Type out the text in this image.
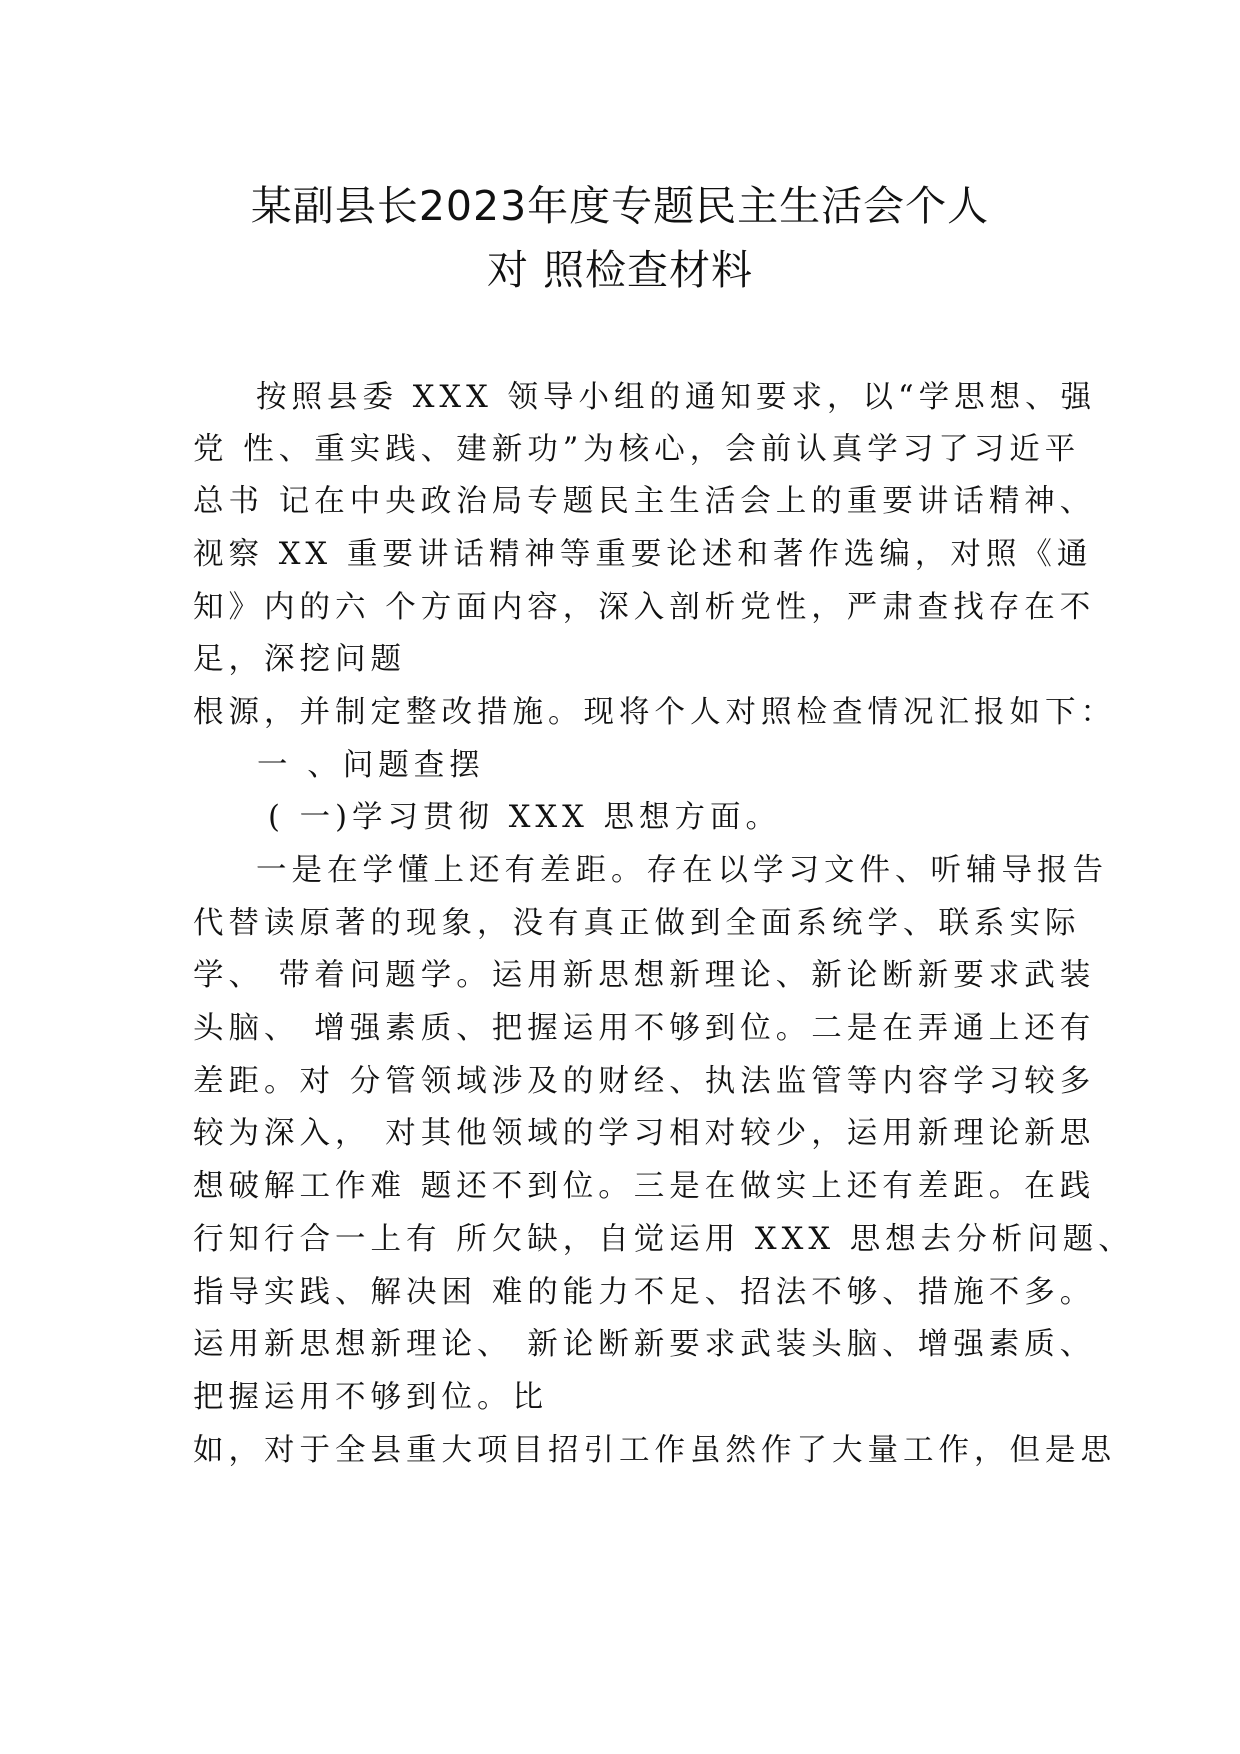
某副县长2023年度专题民主生活会个人
对 照检查材料
按照县委 XXX 领导小组的通知要求，以“学思想、强
党 性、重实践、建新功”为核心，会前认真学习了习近平
总书 记在中央政治局专题民主生活会上的重要讲话精神、
视察 XX 重要讲话精神等重要论述和著作选编，对照《通
知》内的六 个方面内容，深入剖析党性，严肃查找存在不
足，深挖问题
根源，并制定整改措施。现将个人对照检查情况汇报如下：
一 、问题查摆
( 一)学习贯彻 XXX 思想方面。
一是在学懂上还有差距。存在以学习文件、听辅导报告
代替读原著的现象，没有真正做到全面系统学、联系实际
学、 带着问题学。运用新思想新理论、新论断新要求武装
头脑、 增强素质、把握运用不够到位。二是在弄通上还有
差距。对 分管领域涉及的财经、执法监管等内容学习较多
较为深入， 对其他领域的学习相对较少，运用新理论新思
想破解工作难 题还不到位。三是在做实上还有差距。在践
行知行合一上有 所欠缺，自觉运用 XXX 思想去分析问题、
指导实践、解决困 难的能力不足、招法不够、措施不多。
运用新思想新理论、 新论断新要求武装头脑、增强素质、
把握运用不够到位。比
如，对于全县重大项目招引工作虽然作了大量工作，但是思
